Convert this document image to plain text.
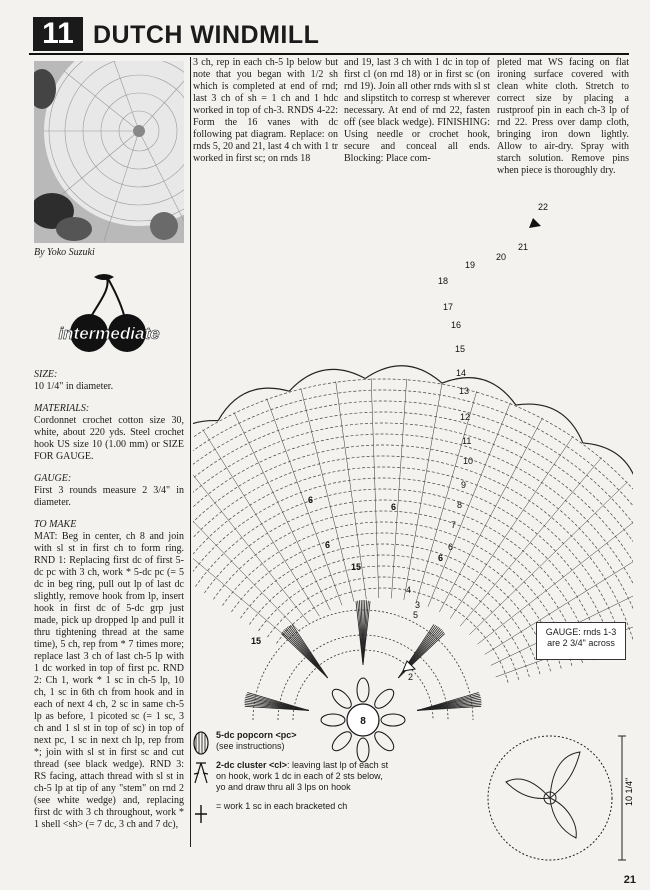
11 DUTCH WINDMILL
By Yoko Suzuki
intermediate
SIZE:
10 1/4" in diameter.
MATERIALS:
Cordonnet crochet cotton size 30, white, about 220 yds. Steel crochet hook US size 10 (1.00 mm) or SIZE FOR GAUGE.
GAUGE:
First 3 rounds measure 2 3/4" in diameter.
TO MAKE
MAT: Beg in center, ch 8 and join with sl st in first ch to form ring. RND 1: Replacing first dc of first 5-dc pc with 3 ch, work * 5-dc pc (= 5 dc in beg ring, pull out lp of last dc slightly, remove hook from lp, insert hook in first dc of 5-dc grp just made, pick up dropped lp and pull it thru tightening thread at the same time), 5 ch, rep from * 7 times more; replace last 3 ch of last ch-5 lp with 1 dc worked in top of first pc. RND 2: Ch 1, work * 1 sc in ch-5 lp, 10 ch, 1 sc in 6th ch from hook and in each of next 4 ch, 2 sc in same ch-5 lp as before, 1 picoted sc (= 1 sc, 3 ch and 1 sl st in top of sc) in top of next pc, 1 sc in next ch lp, rep from *; join with sl st in first sc and cut thread (see black wedge). RND 3: RS facing, attach thread with sl st in ch-5 lp at tip of any "stem" on rnd 2 (see white wedge) and, replacing first dc with 3 ch throughout, work * 1 shell <sh> (= 7 dc, 3 ch and 7 dc),
3 ch, rep in each ch-5 lp below but note that you began with 1/2 sh which is completed at end of rnd; last 3 ch of sh = 1 ch and 1 hdc worked in top of ch-3. RNDS 4-22: Form the 16 vanes with dc following pat diagram. Replace: on rnds 5, 20 and 21, last 4 ch with 1 tr worked in first sc; on rnds 18
and 19, last 3 ch with 1 dc in top of first cl (on rnd 18) or in first sc (on rnd 19). Join all other rnds with sl st and slipstitch to corresp st wherever necessary. At end of rnd 22, fasten off (see black wedge). FINISHING: Using needle or crochet hook, secure and conceal all ends. Blocking: Place com-
pleted mat WS facing on flat ironing surface covered with clean white cloth. Stretch to correct size by placing a rustproof pin in each ch-3 lp of rnd 22. Press over damp cloth, bringing iron down lightly. Allow to air-dry. Spray with starch solution. Remove pins when piece is thoroughly dry.
22
21
20
19
18
17
16
15
14
13
12
11
10
9
8
7
6
5
4
3
2
6
6
6
6
15
15
8
GAUGE: rnds 1-3 are 2 3/4" across
5-dc popcorn <pc>
(see instructions)
2-dc cluster <cl>: leaving last lp of each st on hook, work 1 dc in each of 2 sts below, yo and draw thru all 3 lps on hook
= work 1 sc in each bracketed ch	10 1/4"
21
